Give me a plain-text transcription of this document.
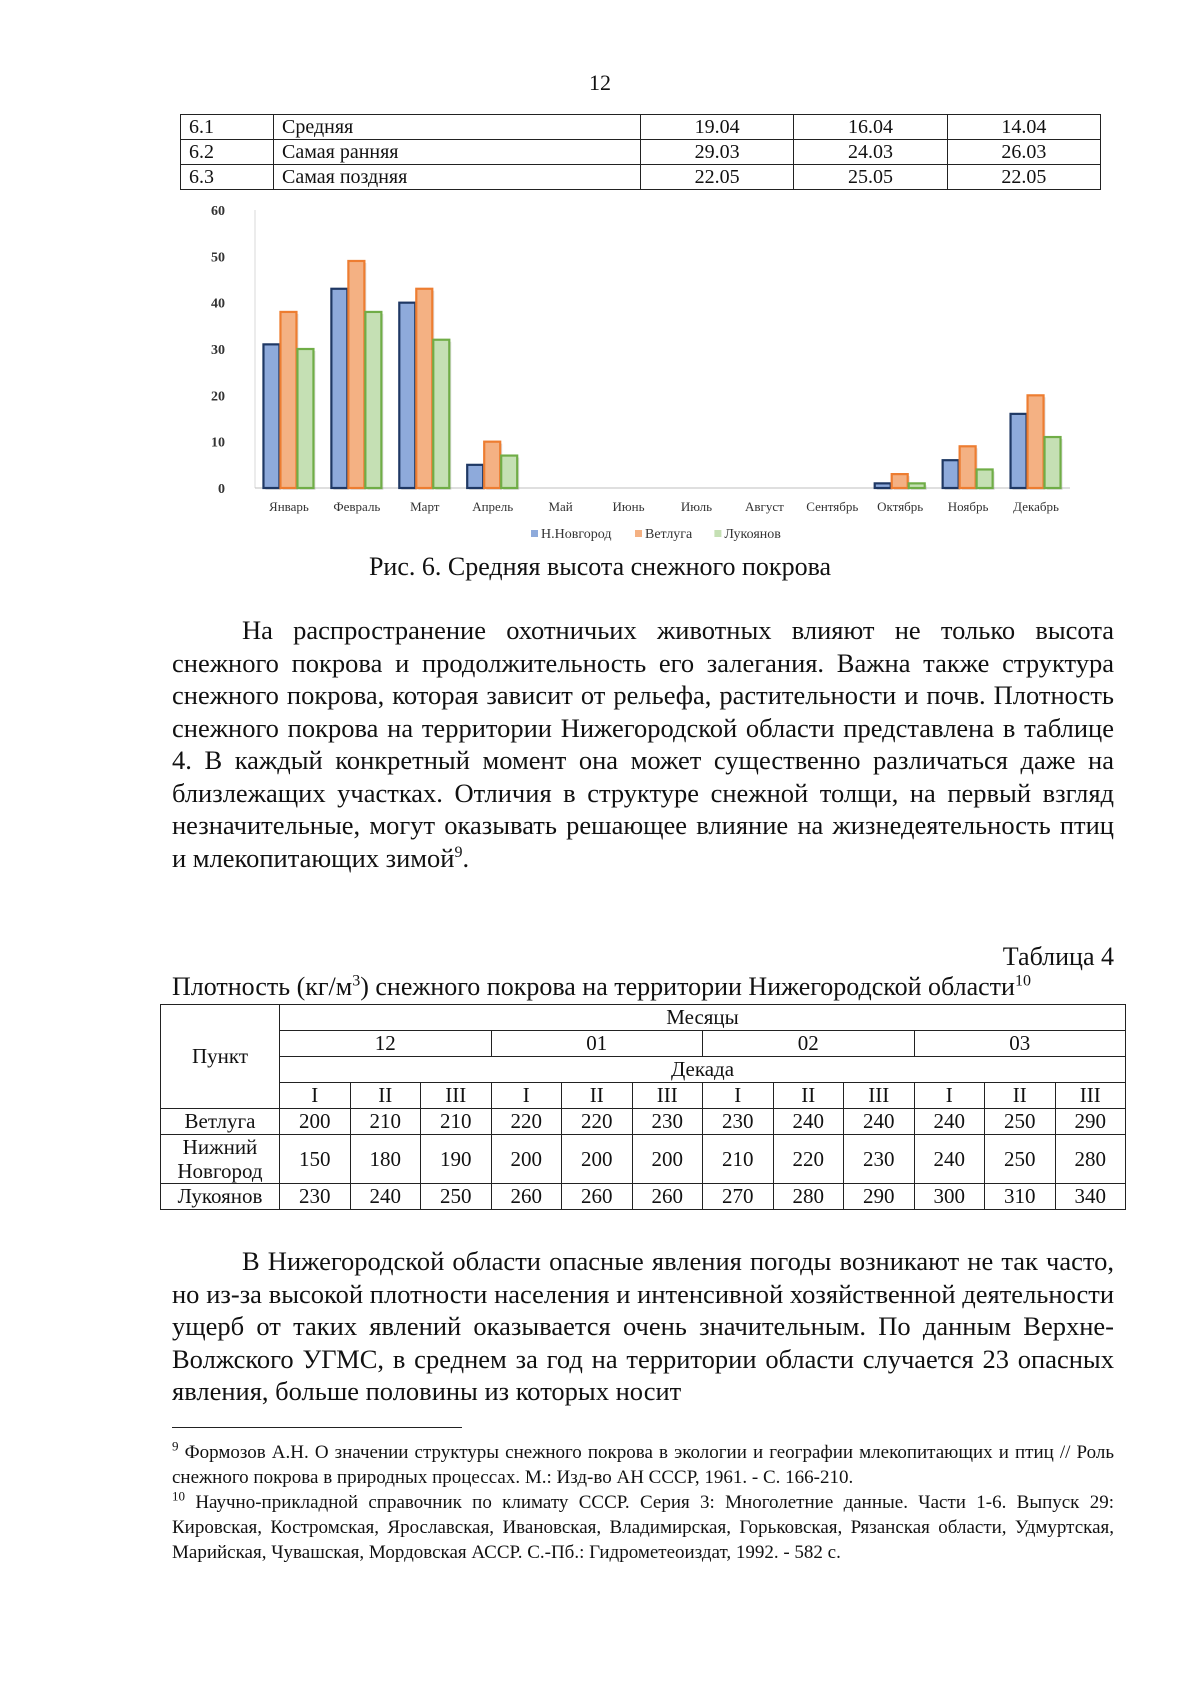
12
6.1	Средняя	19.04	16.04	14.04
6.2	Самая ранняя	29.03	24.03	26.03
6.3	Самая поздняя	22.05	25.05	22.05
0
10
20
30
40
50
60
Январь Февраль Март	Апрель	Май	Июнь	Июль	Август Сентябрь Октябрь Ноябрь Декабрь
Н.Новгород Ветлуга Лукоянов
Рис. 6. Средняя высота снежного покрова

На распространение охотничьих животных влияют не только высота снежного покрова и продолжительность его залегания. Важна также структура снежного покрова, которая зависит от рельефа, растительности и почв. Плотность снежного покрова на территории Нижегородской области представлена в таблице 4. В каждый конкретный момент она может существенно различаться даже на близлежащих участках. Отличия в структуре снежной толщи, на первый взгляд незначительные, могут оказывать решающее влияние на жизнедеятельность птиц и млекопитающих зимой$^9$.

Таблица 4
Плотность $(кг/м^3)$ снежного покрова на территории Нижегородской области$^{10}$
Пункт	Месяцы											
	12			01			02			03		
	Декада											
	I	II	III	I	II	III	I	II	III	I	II	III
Ветлуга	200	210	210	220	220	230	230	240	240	240	250	290
Нижний
Новгород	150	180	190	200	200	200	210	220	230	240	250	280
Лукоянов	230	240	250	260	260	260	270	280	290	300	310	340

В Нижегородской области опасные явления погоды возникают не так часто, но из-за высокой плотности населения и интенсивной хозяйственной деятельности ущерб от таких явлений оказывается очень значительным. По данным Верхне-Волжского УГМС, в среднем за год на территории области случается 23 опасных явления, больше половины из которых носит

$^9$ Формозов А.Н. О значении структуры снежного покрова в экологии и географии млекопитающих и птиц // Роль снежного покрова в природных процессах. М.: Изд-во АН СССР, 1961. - С. 166-210.

$^{10}$ Научно-прикладной справочник по климату СССР. Серия 3: Многолетние данные. Части 1-6. Выпуск 29: Кировская, Костромская, Ярославская, Ивановская, Владимирская, Горьковская, Рязанская области, Удмуртская, Марийская, Чувашская, Мордовская АССР. С.-Пб.: Гидрометеоиздат, 1992. - 582 с.
